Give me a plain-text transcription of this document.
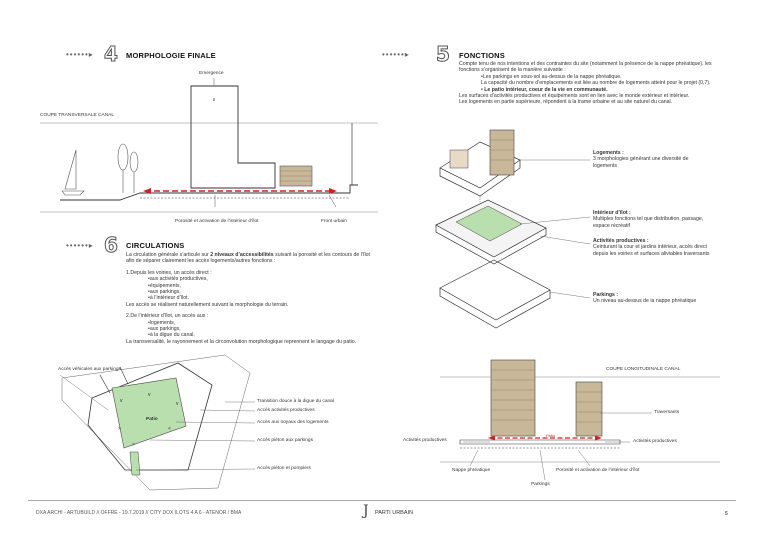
••••••▸ 4 MORPHOLOGIE FINALE
Emergence
COUPE TRANSVERSALE CANAL
Porosité et activation de l’intérieur d’îlot	Front urbain
••••••▸ 6 CIRCULATIONS
La circulation générale s’articule sur 2 niveaux d’accessibilités suivant la porosité et les contours de l’îlot afin de séparer clairement les accès logements/autres fonctions :
1.Depuis les voiries, un accès direct :
•aux activités productives,
•équipements,
•aux parkings,
•à l’intérieur d’îlot.
Les accès se réalisent naturellement suivant la morphologie du terrain.
2.De l’intérieur d’îlot, un accès aux :
•logements,
•aux parkings,
•à la digue du canal.
La transversalité, le rayonnement et la circonvolution morphologique reprennent le langage du patio.
v
v
v
>	<
>
Accès véhicules aux parkings
Patio
Transition douce à la digue du canal
Accès activités productives
Accès aux noyaux des logements
Accès piéton aux parkings
Accès piéton et pompiers
••••••▸ 5 FONCTIONS
Compte tenu de nos intentions et des contraintes du site (notamment la présence de la nappe phréatique), les fonctions s’organisent de la manière suivante :
•Les parkings en sous-sol au-dessus de la nappe phréatique.
La capacité du nombre d’emplacements est liée au nombre de logements atteint pour le projet (0,7).
• Le patio intérieur, coeur de la vie en communauté.
Les surfaces d’activités productives et équipements sont en lien avec le monde extérieur et intérieur.
Les logements en partie supérieure, répondent à la trame urbaine et au site naturel du canal.
Logements :
3 morphologies générant une diversité de logements
Intérieur d’îlot :
Multiples fonctions tel que distribution, passage, espace récréatif
Activités productives :
Ceinturant la cour et jardins intérieur, accès direct depuis les voiries et surfaces aliviables traversants
Parkings :
Un niveau au-dessus de la nappe phréatique
COUPE LONGITUDINALE CANAL
Traversants
Activités productives	Activités productives
Patio
Nappe phréatique	Porosité et activation de l’intérieur d’îlot
Parkings
DXA ARCHI - ARTUBUILD // OFFRE - 19.7.2019 // CITY DOX ILOTS 4 A 6 - ATENOR / BMA	J PARTI URBAIN	5
